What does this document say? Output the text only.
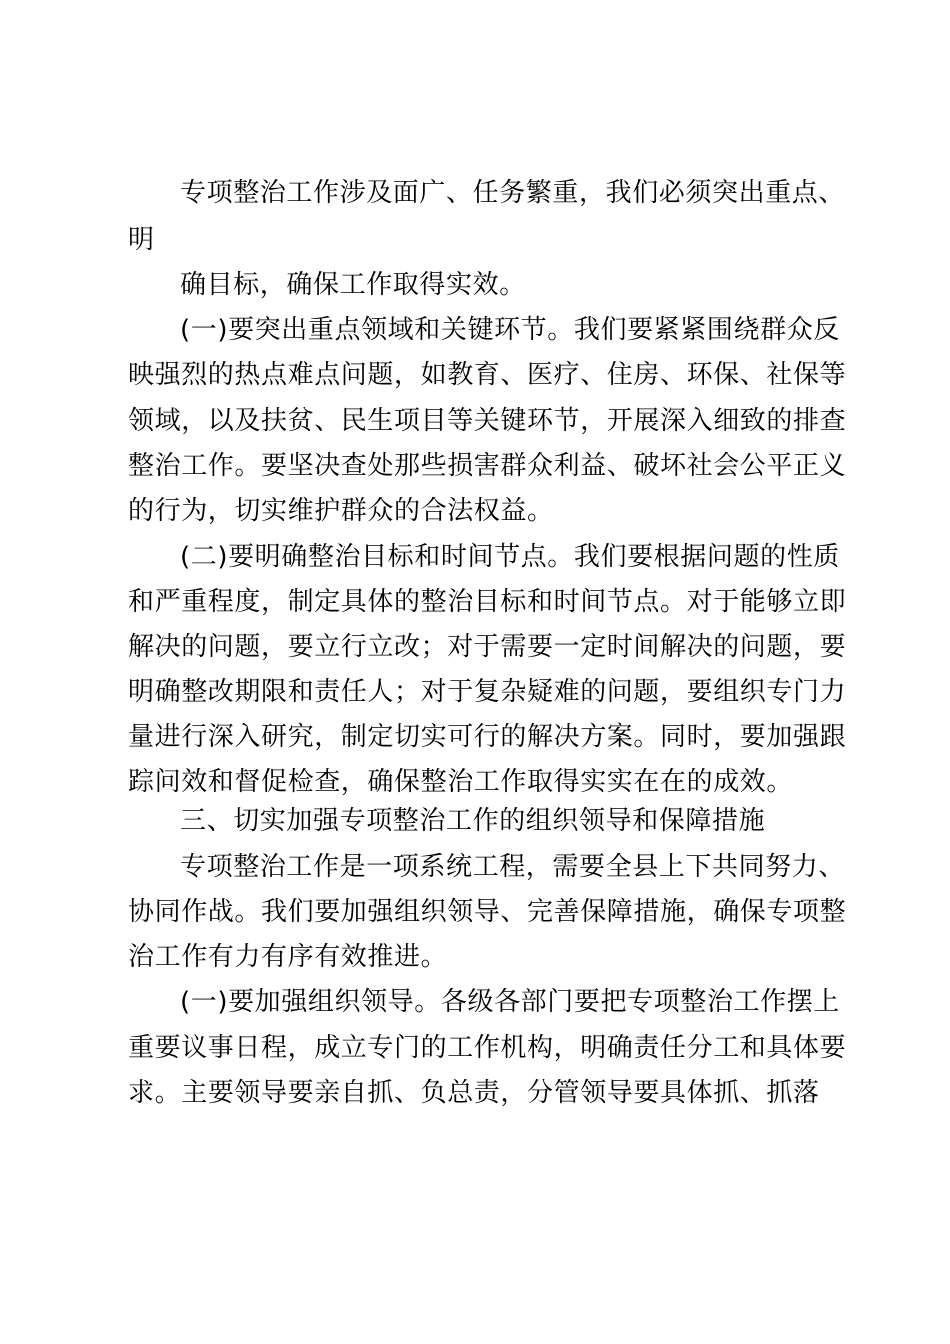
专项整治工作涉及面广、任务繁重，我们必须突出重点、
明
确目标，确保工作取得实效。
(一)要突出重点领域和关键环节。我们要紧紧围绕群众反
映强烈的热点难点问题，如教育、医疗、住房、环保、社保等
领域，以及扶贫、民生项目等关键环节，开展深入细致的排查
整治工作。要坚决查处那些损害群众利益、破坏社会公平正义
的行为，切实维护群众的合法权益。
(二)要明确整治目标和时间节点。我们要根据问题的性质
和严重程度，制定具体的整治目标和时间节点。对于能够立即
解决的问题，要立行立改；对于需要一定时间解决的问题，要
明确整改期限和责任人；对于复杂疑难的问题，要组织专门力
量进行深入研究，制定切实可行的解决方案。同时，要加强跟
踪问效和督促检查，确保整治工作取得实实在在的成效。
三、切实加强专项整治工作的组织领导和保障措施
专项整治工作是一项系统工程，需要全县上下共同努力、
协同作战。我们要加强组织领导、完善保障措施，确保专项整
治工作有力有序有效推进。
(一)要加强组织领导。各级各部门要把专项整治工作摆上
重要议事日程，成立专门的工作机构，明确责任分工和具体要
求。主要领导要亲自抓、负总责，分管领导要具体抓、抓落
